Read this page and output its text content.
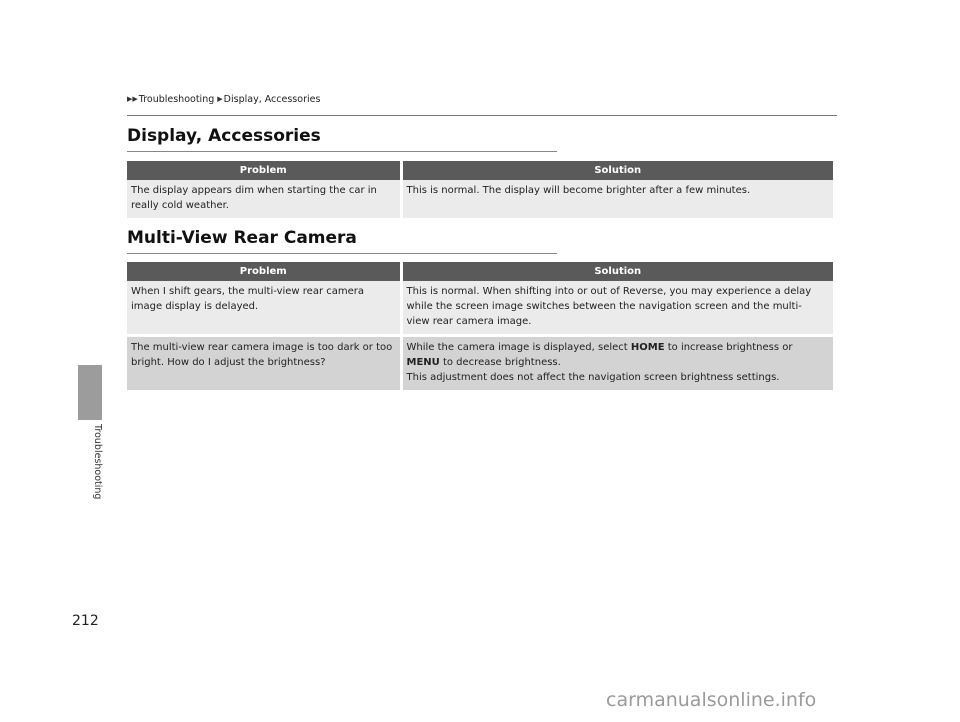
Troubleshooting
▶▶Troubleshooting ▶Display, Accessories
Display, Accessories
Problem	Solution

The display appears dim when starting the car in
really cold weather.	This is normal. The display will become brighter after a few minutes.
Multi-View Rear Camera
Problem	Solution

When I shift gears, the multi-view rear camera
image display is delayed.	This is normal. When shifting into or out of Reverse, you may experience a delay
while the screen image switches between the navigation screen and the multi-
view rear camera image.

The multi-view rear camera image is too dark or too
bright. How do I adjust the brightness?	While the camera image is displayed, select HOME to increase brightness or
MENU to decrease brightness.
This adjustment does not affect the navigation screen brightness settings.
212
carmanualsonline.info
